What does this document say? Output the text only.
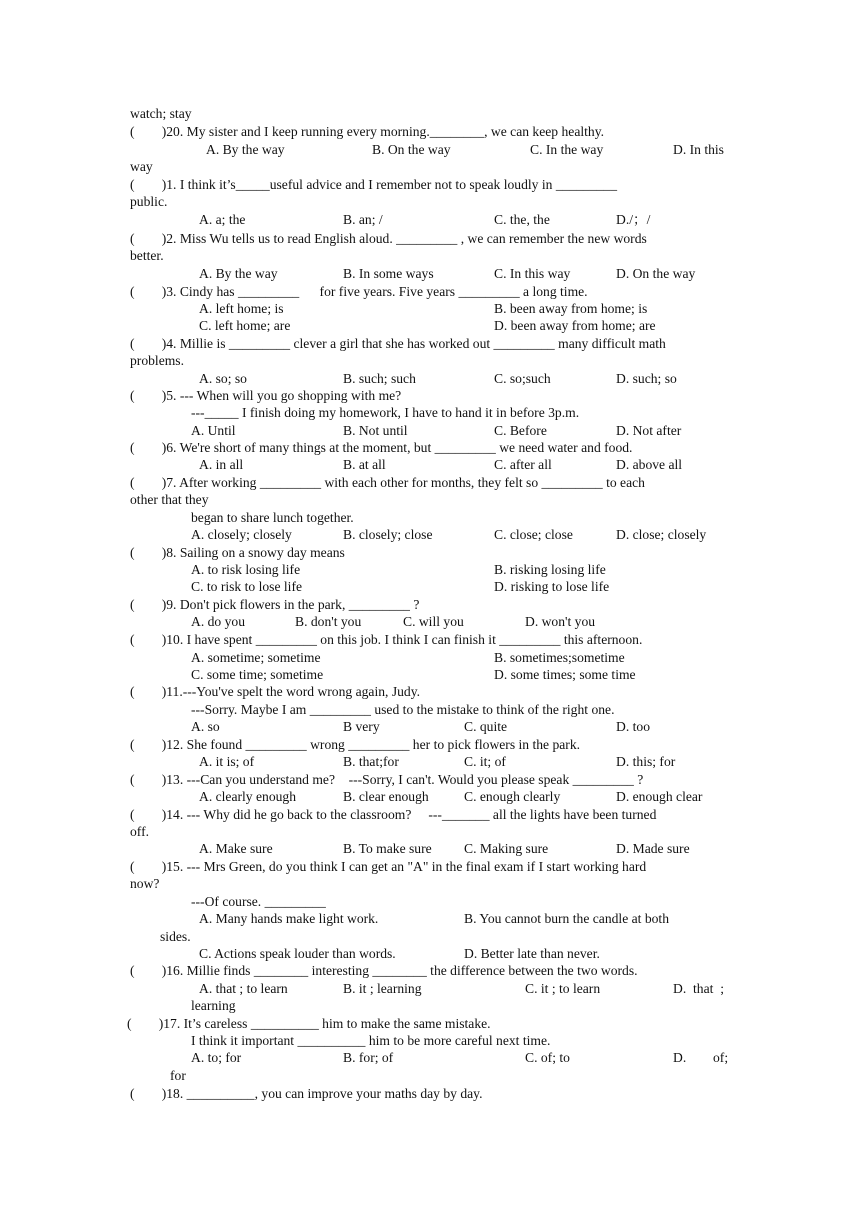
watch; stay
(        )20. My sister and I keep running every morning.________, we can keep healthy.
A. By the way	B. On the way	C. In the way	D. In this
way
(        )1. I think it’s_____useful advice and I remember not to speak loudly in _________
public.
A. a; the	B. an; /	C. the, the	D./；/
(        )2. Miss Wu tells us to read English aloud. _________ , we can remember the new words
better.
A. By the way	B. In some ways	C. In this way	D. On the way
(        )3. Cindy has _________      for five years. Five years _________ a long time.
A. left home; is	B. been away from home; is
C. left home; are	D. been away from home; are
(        )4. Millie is _________ clever a girl that she has worked out _________ many difficult math
problems.
A. so; so	B. such; such	C. so;such	D. such; so
(        )5. --- When will you go shopping with me?
---_____ I finish doing my homework, I have to hand it in before 3p.m.
A. Until	B. Not until	C. Before	D. Not after
(        )6. We're short of many things at the moment, but _________ we need water and food.
A. in all	B. at all	C. after all	D. above all
(        )7. After working _________ with each other for months, they felt so _________ to each
other that they
began to share lunch together.
A. closely; closely	B. closely; close	C. close; close	D. close; closely
(        )8. Sailing on a snowy day means
A. to risk losing life	B. risking losing life
C. to risk to lose life	D. risking to lose life
(        )9. Don't pick flowers in the park, _________ ?
A. do you	B. don't you	C. will you	D. won't you
(        )10. I have spent _________ on this job. I think I can finish it _________ this afternoon.
A. sometime; sometime	B. sometimes;sometime
C. some time; sometime	D. some times; some time
(        )11.---You've spelt the word wrong again, Judy.
---Sorry. Maybe I am _________ used to the mistake to think of the right one.
A. so	B very	C. quite	D. too
(        )12. She found _________ wrong _________ her to pick flowers in the park.
A. it is; of	B. that;for	C. it; of	D. this; for
(        )13. ---Can you understand me?    ---Sorry, I can't. Would you please speak _________ ?
A. clearly enough	B. clear enough	C. enough clearly	D. enough clear
(        )14. --- Why did he go back to the classroom?     ---_______ all the lights have been turned
off.
A. Make sure	B. To make sure C. Making sure	D. Made sure
(        )15. --- Mrs Green, do you think I can get an "A" in the final exam if I start working hard
now?
---Of course. _________
A. Many hands make light work.	B. You cannot burn the candle at both
sides.
C. Actions speak louder than words.	D. Better late than never.
(        )16. Millie finds ________ interesting ________ the difference between the two words.
A. that ; to learn	B. it ; learning	C. it ; to learn	D.  that  ;
learning
(        )17. It’s careless __________ him to make the same mistake.
I think it important __________ him to be more careful next time.
A. to; for	B. for; of	C. of; to	D. of;
for
(        )18. __________, you can improve your maths day by day.
